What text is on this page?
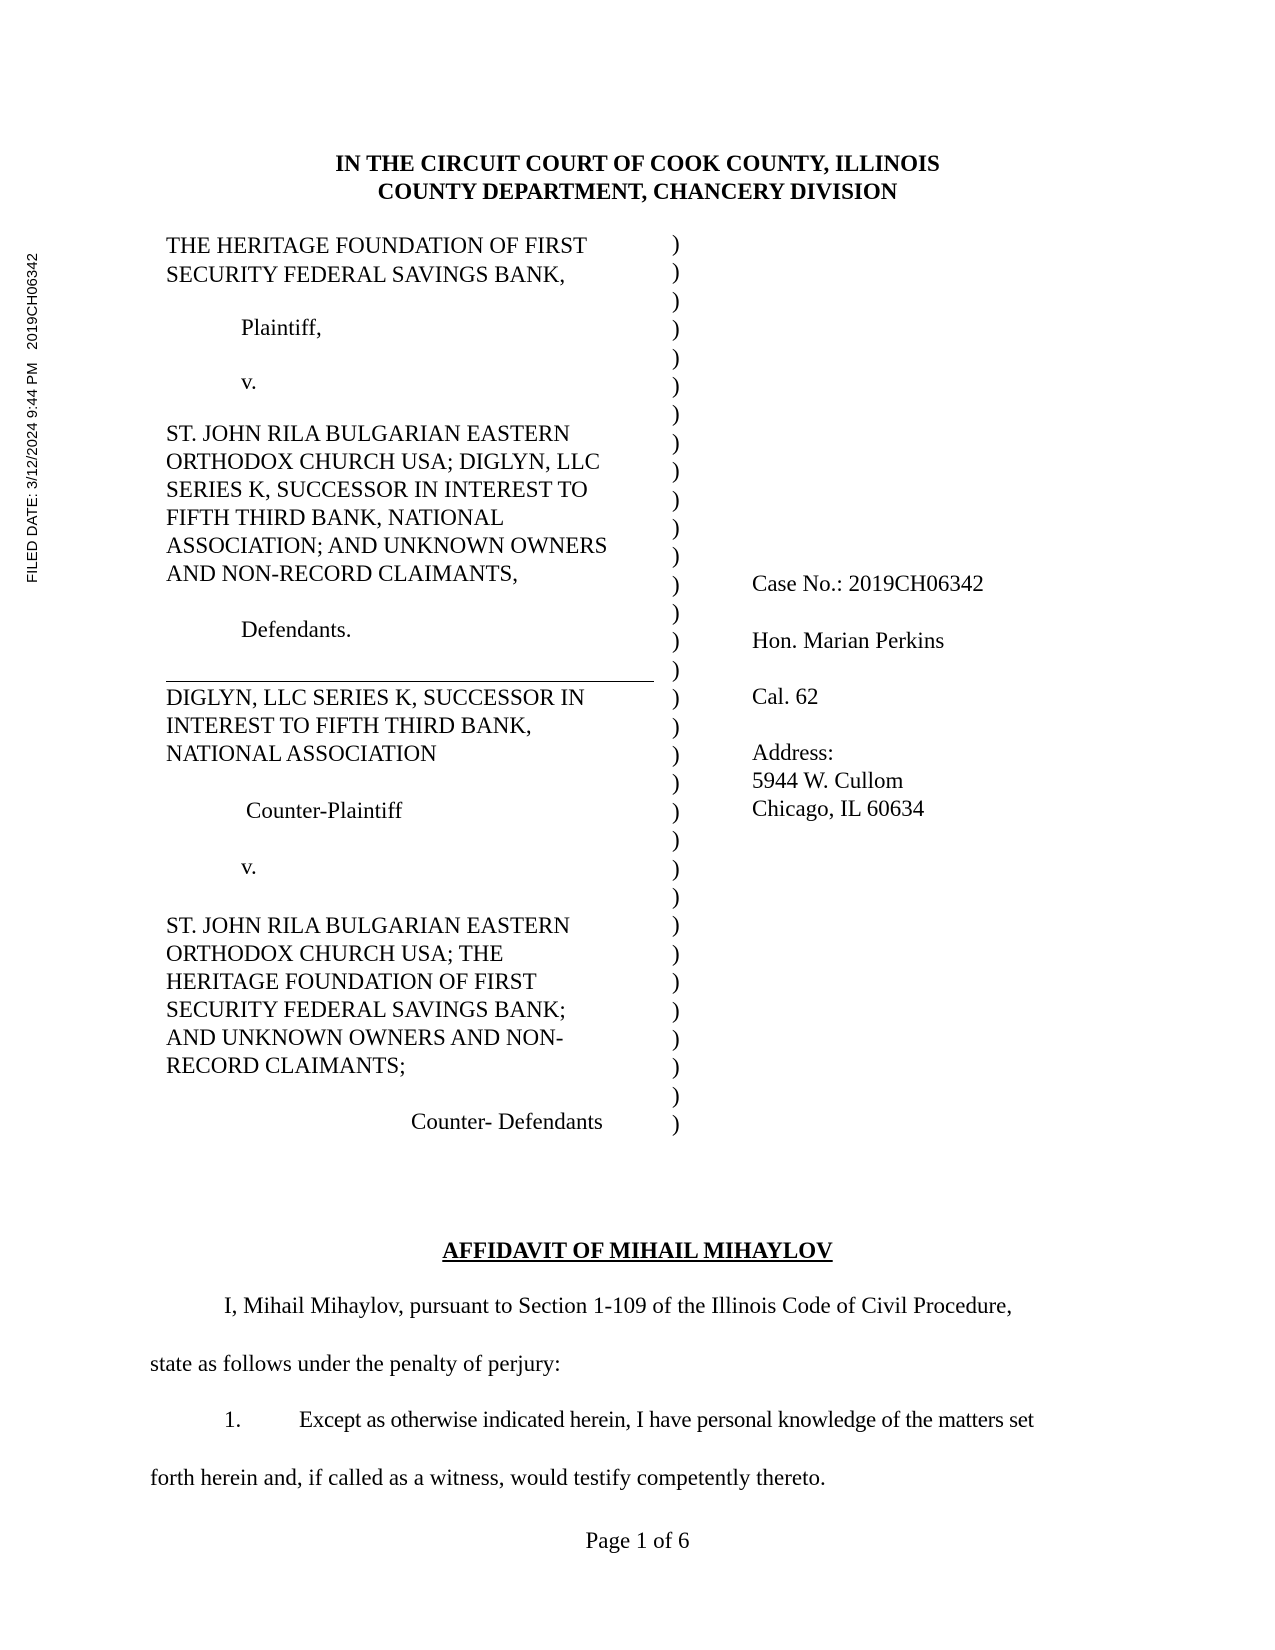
FILED DATE: 3/12/2024 9:44 PM   2019CH06342
IN THE CIRCUIT COURT OF COOK COUNTY, ILLINOIS
COUNTY DEPARTMENT, CHANCERY DIVISION
THE HERITAGE FOUNDATION OF FIRST
SECURITY FEDERAL SAVINGS BANK,
Plaintiff,
v.
ST. JOHN RILA BULGARIAN EASTERN
ORTHODOX CHURCH USA; DIGLYN, LLC
SERIES K, SUCCESSOR IN INTEREST TO
FIFTH THIRD BANK, NATIONAL
ASSOCIATION; AND UNKNOWN OWNERS
AND NON-RECORD CLAIMANTS,
Defendants.
DIGLYN, LLC SERIES K, SUCCESSOR IN
INTEREST TO FIFTH THIRD BANK,
NATIONAL ASSOCIATION
Counter-Plaintiff
v.
ST. JOHN RILA BULGARIAN EASTERN
ORTHODOX CHURCH USA; THE
HERITAGE FOUNDATION OF FIRST
SECURITY FEDERAL SAVINGS BANK;
AND UNKNOWN OWNERS AND NON-
RECORD CLAIMANTS;
Counter- Defendants
)
)
)
)
)
)
)
)
)
)
)
)
)
)
)
)
)
)
)
)
)
)
)
)
)
)
)
)
)
)
)
)
Case No.: 2019CH06342
Hon. Marian Perkins
Cal. 62
Address:
5944 W. Cullom
Chicago, IL 60634
AFFIDAVIT OF MIHAIL MIHAYLOV
I, Mihail Mihaylov, pursuant to Section 1-109 of the Illinois Code of Civil Procedure,
state as follows under the penalty of perjury:
1.	Except as otherwise indicated herein, I have personal knowledge of the matters set
forth herein and, if called as a witness, would testify competently thereto.
Page 1 of 6
